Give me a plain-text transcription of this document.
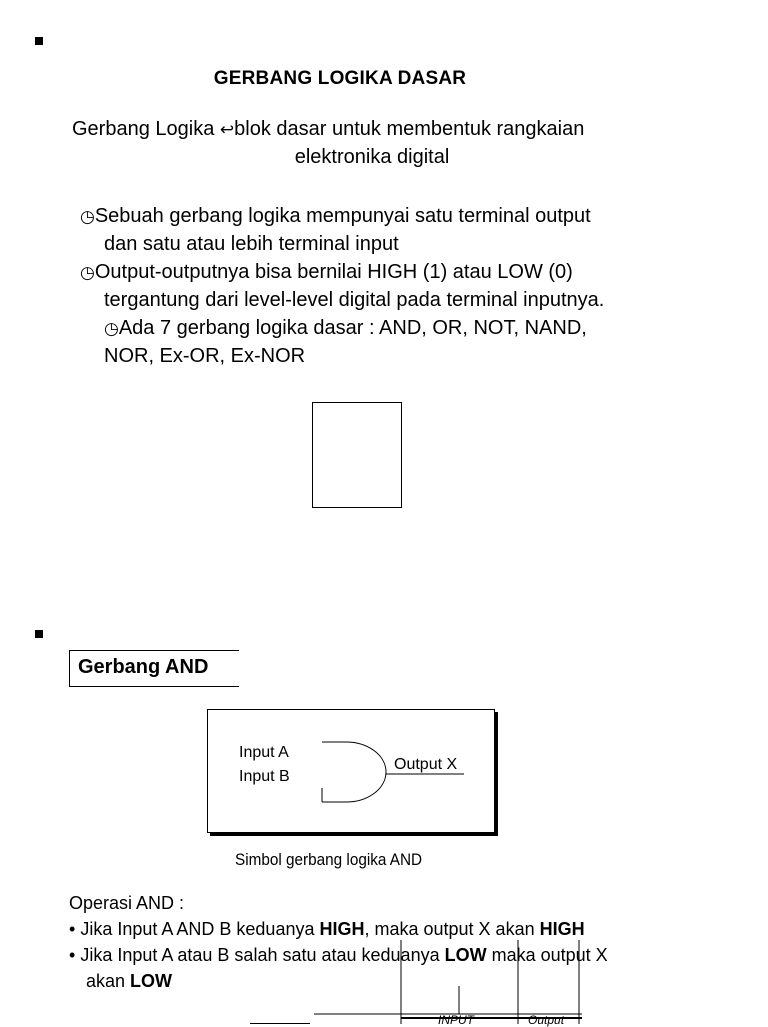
GERBANG LOGIKA DASAR
Gerbang Logika ↩blok dasar untuk membentuk rangkaian
elektronika digital
◷Sebuah gerbang logika mempunyai satu terminal output
dan satu atau lebih terminal input
◷Output-outputnya bisa bernilai HIGH (1) atau LOW (0)
tergantung dari level-level digital pada terminal inputnya.
◷Ada 7 gerbang logika dasar : AND, OR, NOT, NAND,
NOR, Ex-OR, Ex-NOR
Gerbang AND
Input A
Input B
Output X
Simbol gerbang logika AND
Operasi AND :
• Jika Input A AND B keduanya HIGH, maka output X akan HIGH
• Jika Input A atau B salah satu atau keduanya LOW maka output X
akan LOW
INPUT	Output
